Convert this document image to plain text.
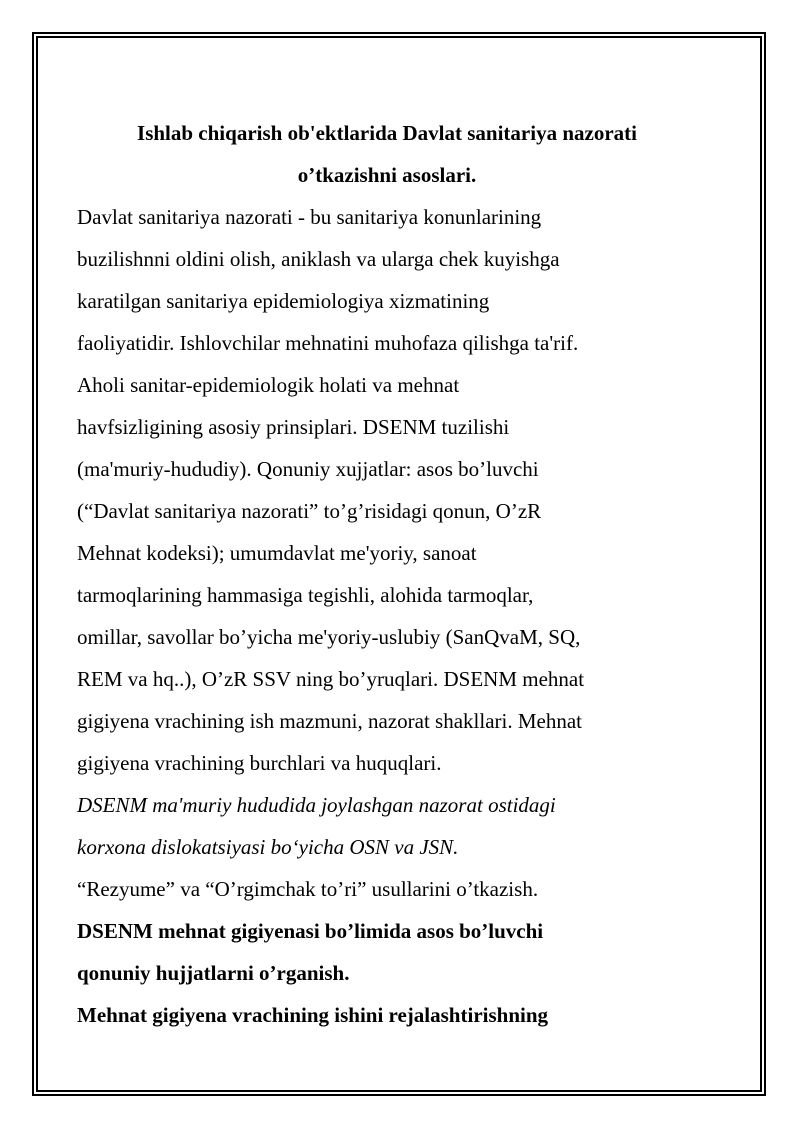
Ishlab chiqarish ob'ektlarida Davlat sanitariya nazorati
o’tkazishni asoslari.

Davlat sanitariya nazorati - bu sanitariya konunlarining

buzilishnni oldini olish, aniklash va ularga chek kuyishga

karatilgan sanitariya epidemiologiya xizmatining

faoliyatidir. Ishlovchilar mehnatini muhofaza qilishga ta'rif.

Aholi sanitar-epidemiologik holati va mehnat

havfsizligining asosiy prinsiplari. DSENM tuzilishi

(ma'muriy-hududiy). Qonuniy xujjatlar: asos bo’luvchi

(“Davlat sanitariya nazorati” to’g’risidagi qonun, O’zR

Mehnat kodeksi); umumdavlat me'yoriy, sanoat

tarmoqlarining hammasiga tegishli, alohida tarmoqlar,

omillar, savollar bo’yicha me'yoriy-uslubiy (SanQvaM, SQ,

REM va hq..), O’zR SSV ning bo’yruqlari. DSENM mehnat

gigiyena vrachining ish mazmuni, nazorat shakllari. Mehnat

gigiyena vrachining burchlari va huquqlari.

DSENM ma'muriy hududida joylashgan nazorat ostidagi

korxona dislokatsiyasi bo‘yicha OSN va JSN.

“Rezyume” va “O’rgimchak to’ri” usullarini o’tkazish.

DSENM mehnat gigiyenasi bo’limida asos bo’luvchi

qonuniy hujjatlarni o’rganish.

Mehnat gigiyena vrachining ishini rejalashtirishning
